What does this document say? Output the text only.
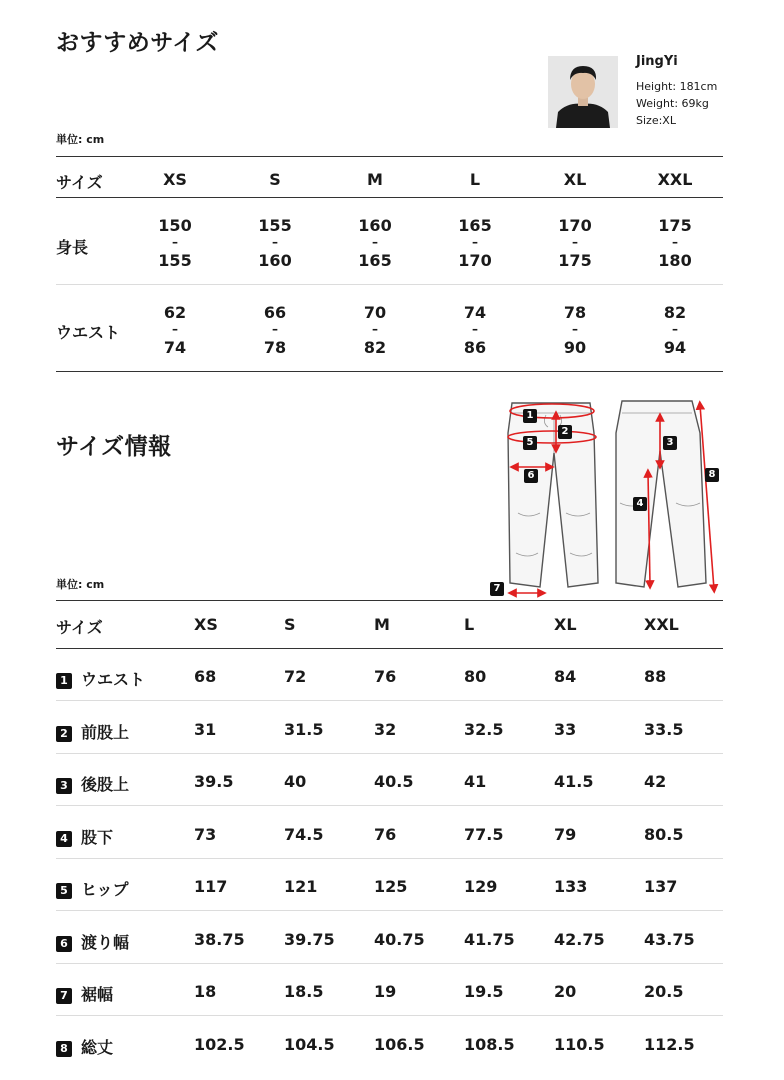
おすすめサイズ
JingYi
Height: 181cm
Weight: 69kg
Size:XL
単位: cm
サイズ	XS	S	M	L	XL	XXL
身長
150	155	160	165	170	175
–	–	–	–	–	–
155	160	165	170	175	180
ウエスト
62	66	70	74	78	82
–	–	–	–	–	–
74	78	82	86	90	94
サイズ情報
1
2
3
4
5
6
7
8
単位: cm
サイズ	XS	S	M	L	XL	XXL
1 ウエスト	68	72	76	80	84	88
2 前股上	31	31.5	32	32.5	33	33.5
3 後股上	39.5	40	40.5	41	41.5	42
4 股下	73	74.5	76	77.5	79	80.5
5 ヒップ	117	121	125	129	133	137
6 渡り幅	38.75 39.75 40.75 41.75 42.75 43.75
7 裾幅	18	18.5	19	19.5	20	20.5
8 総丈	102.5 104.5 106.5 108.5 110.5 112.5
